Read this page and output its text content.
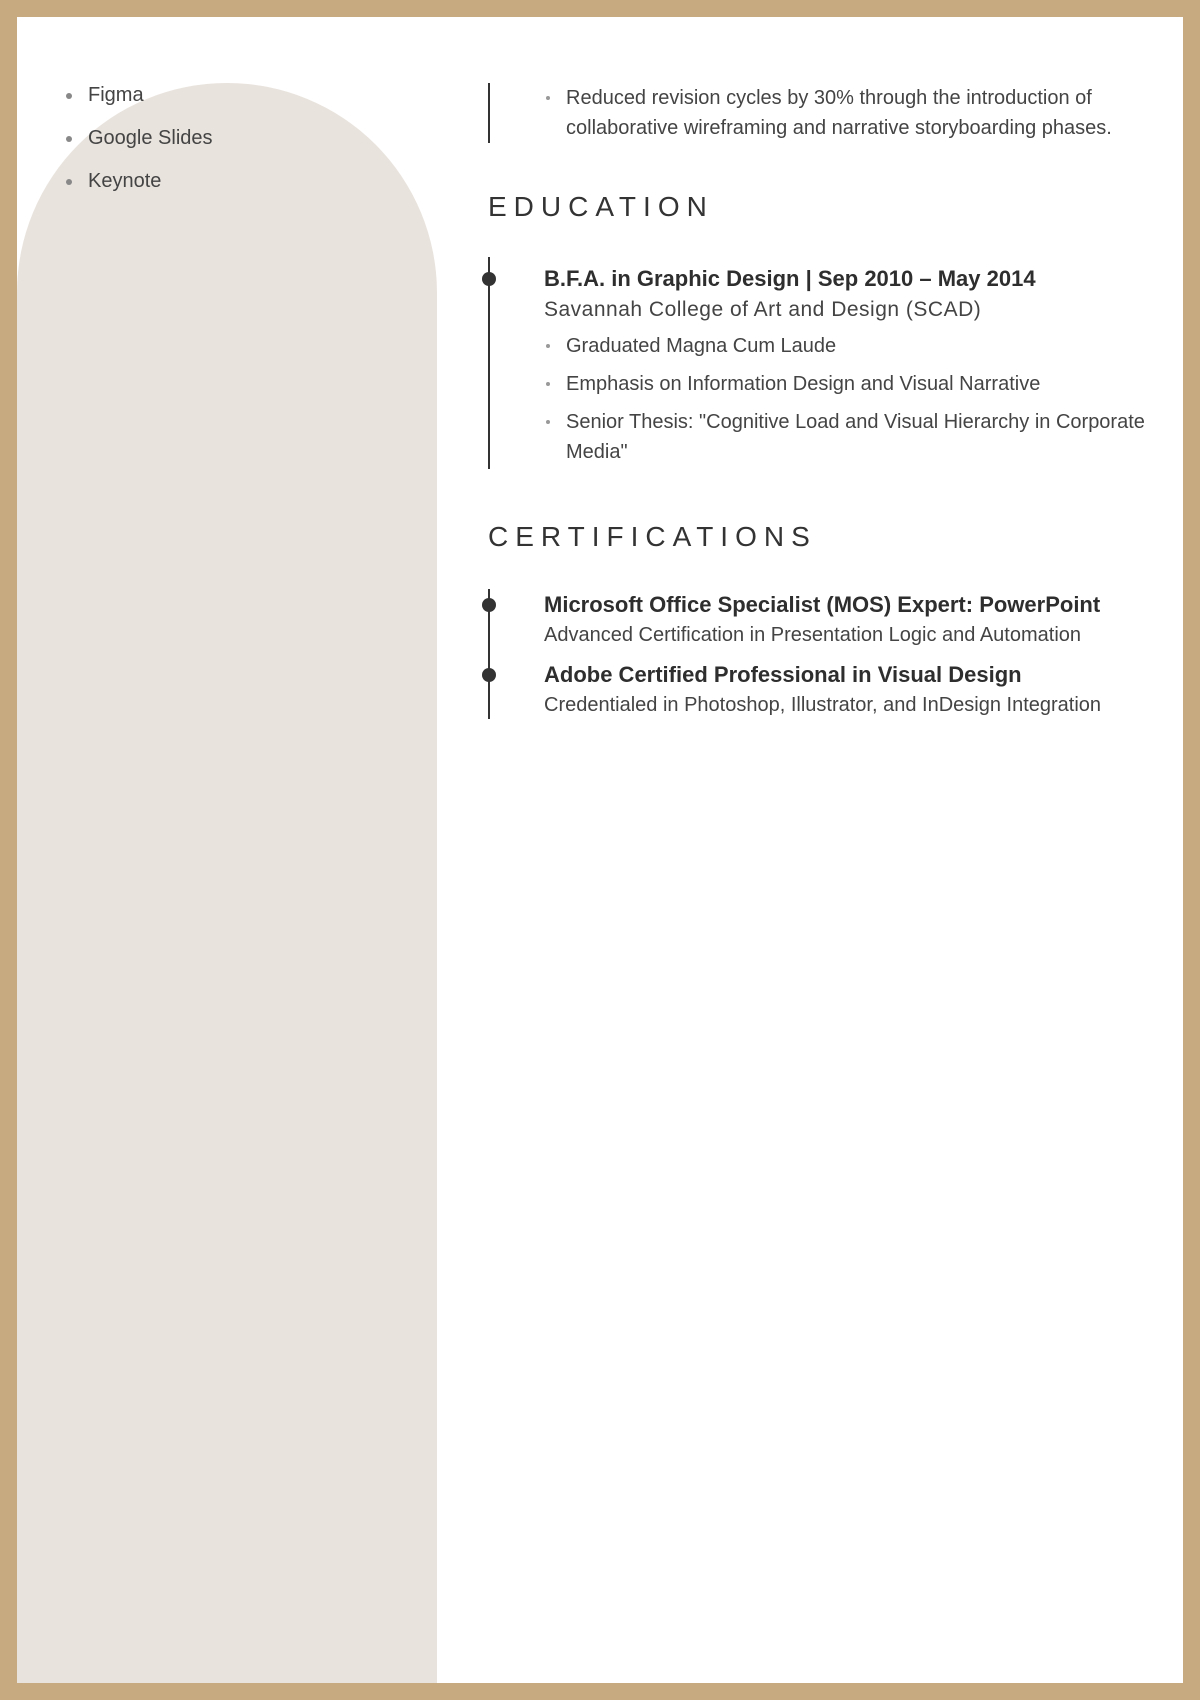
Figma
Google Slides
Keynote
Reduced revision cycles by 30% through the introduction of collaborative wireframing and narrative storyboarding phases.
EDUCATION

B.F.A. in Graphic Design | Sep 2010 – May 2014

Savannah College of Art and Design (SCAD)

Graduated Magna Cum Laude
Emphasis on Information Design and Visual Narrative
Senior Thesis: "Cognitive Load and Visual Hierarchy in Corporate Media"
CERTIFICATIONS

Microsoft Office Specialist (MOS) Expert: PowerPoint

Advanced Certification in Presentation Logic and Automation

Adobe Certified Professional in Visual Design

Credentialed in Photoshop, Illustrator, and InDesign Integration
